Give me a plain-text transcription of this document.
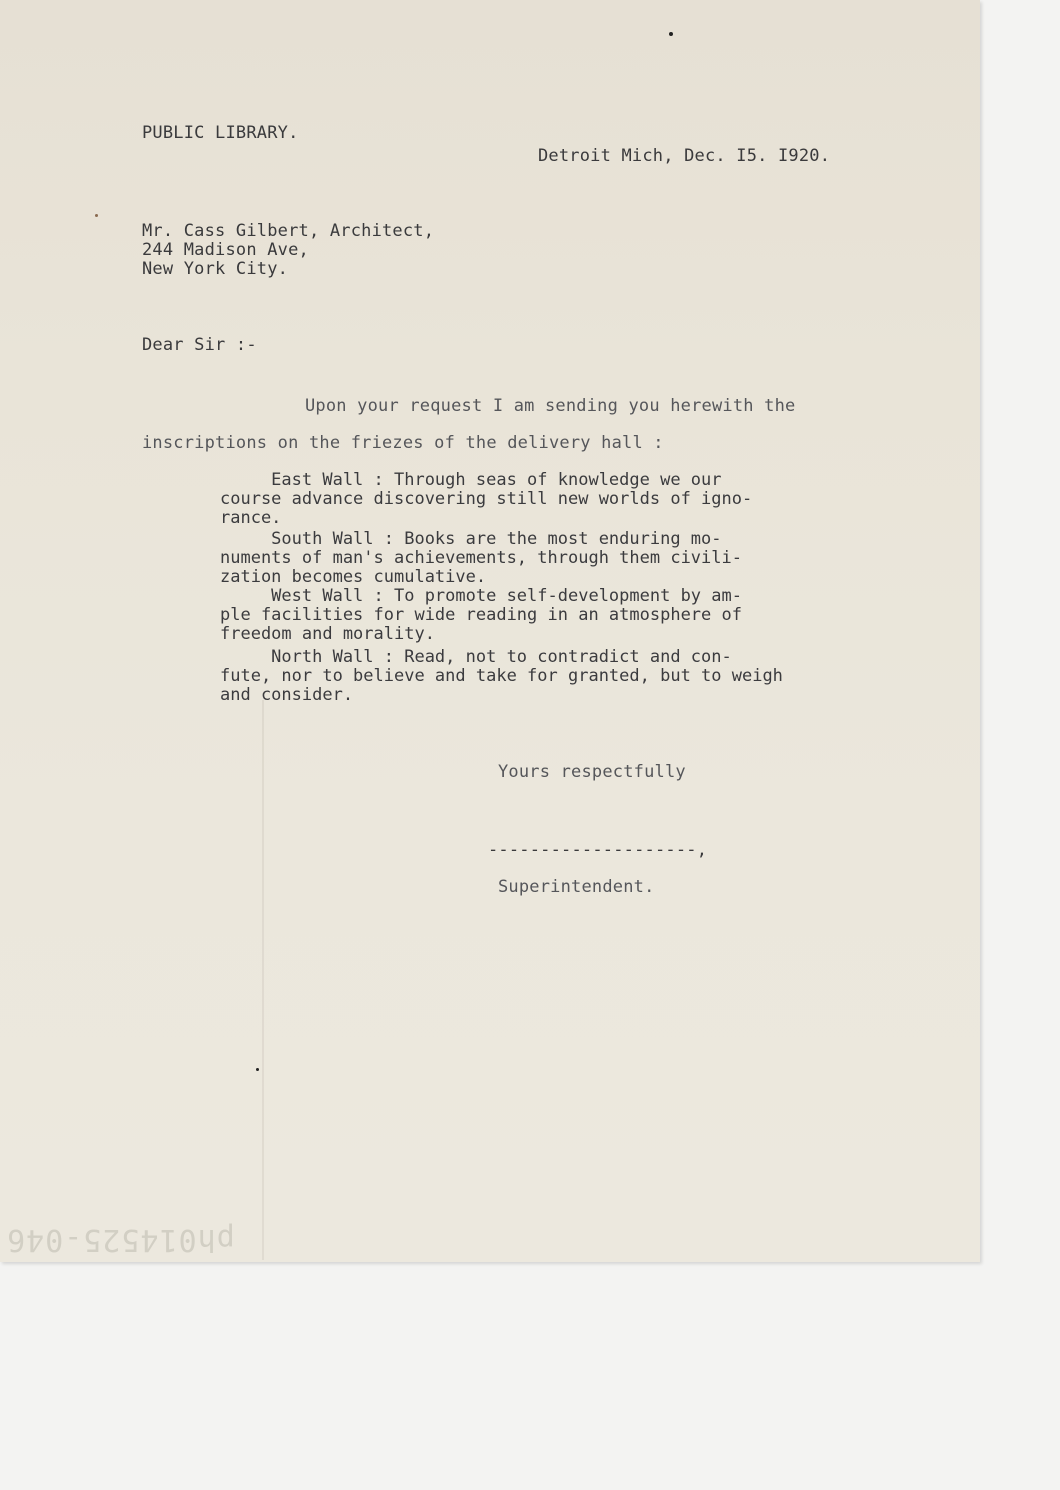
PUBLIC LIBRARY.

Detroit Mich, Dec. I5. I920.

Mr. Cass Gilbert, Architect,

244 Madison Ave,

New York City.

Dear Sir :-

Upon your request I am sending you herewith the

inscriptions on the friezes of the delivery hall :

East Wall : Through seas of knowledge we our
course advance discovering still new worlds of igno-
rance.
South Wall : Books are the most enduring mo-
numents of man's achievements, through them civili-
zation becomes cumulative.
West Wall : To promote self-development by am-
ple facilities for wide reading in an atmosphere of
freedom and morality.
North Wall : Read, not to contradict and con-
fute, nor to believe and take for granted, but to weigh
and consider.

Yours respectfully

--------------------,

Superintendent.

ph014525-046
